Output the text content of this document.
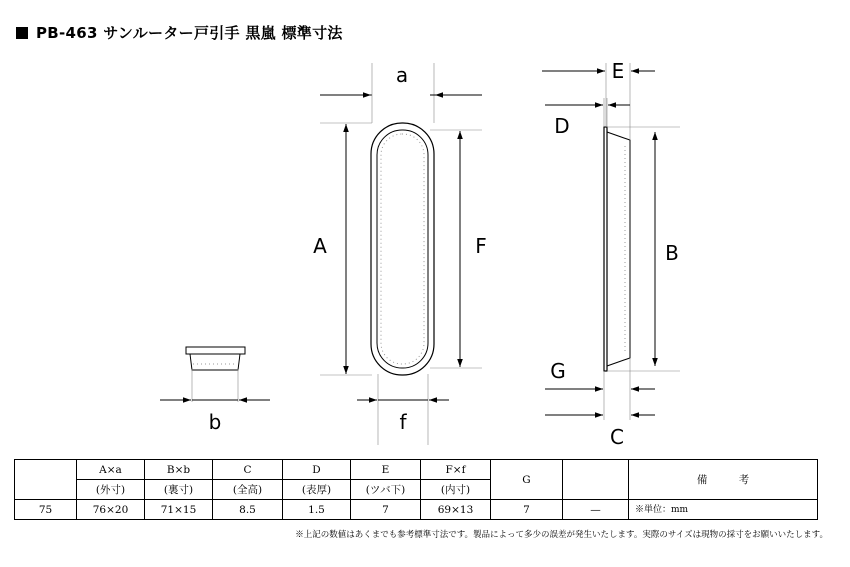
PB-463 サンルーター戸引手 黒嵐 標準寸法
a
A	F
f
b
E
D
B
G
C
	A×a	B×b	C	D	E	F×f	G		備 考
	(外寸)	(裏寸)	(全高)	(表厚)	(ツバ下)	(内寸)			
75	76×20	71×15	8.5	1.5	7	69×13	7	—	※単位：mm
※上記の数値はあくまでも参考標準寸法です。製品によって多少の誤差が発生いたします。実際のサイズは現物の採寸をお願いいたします。
